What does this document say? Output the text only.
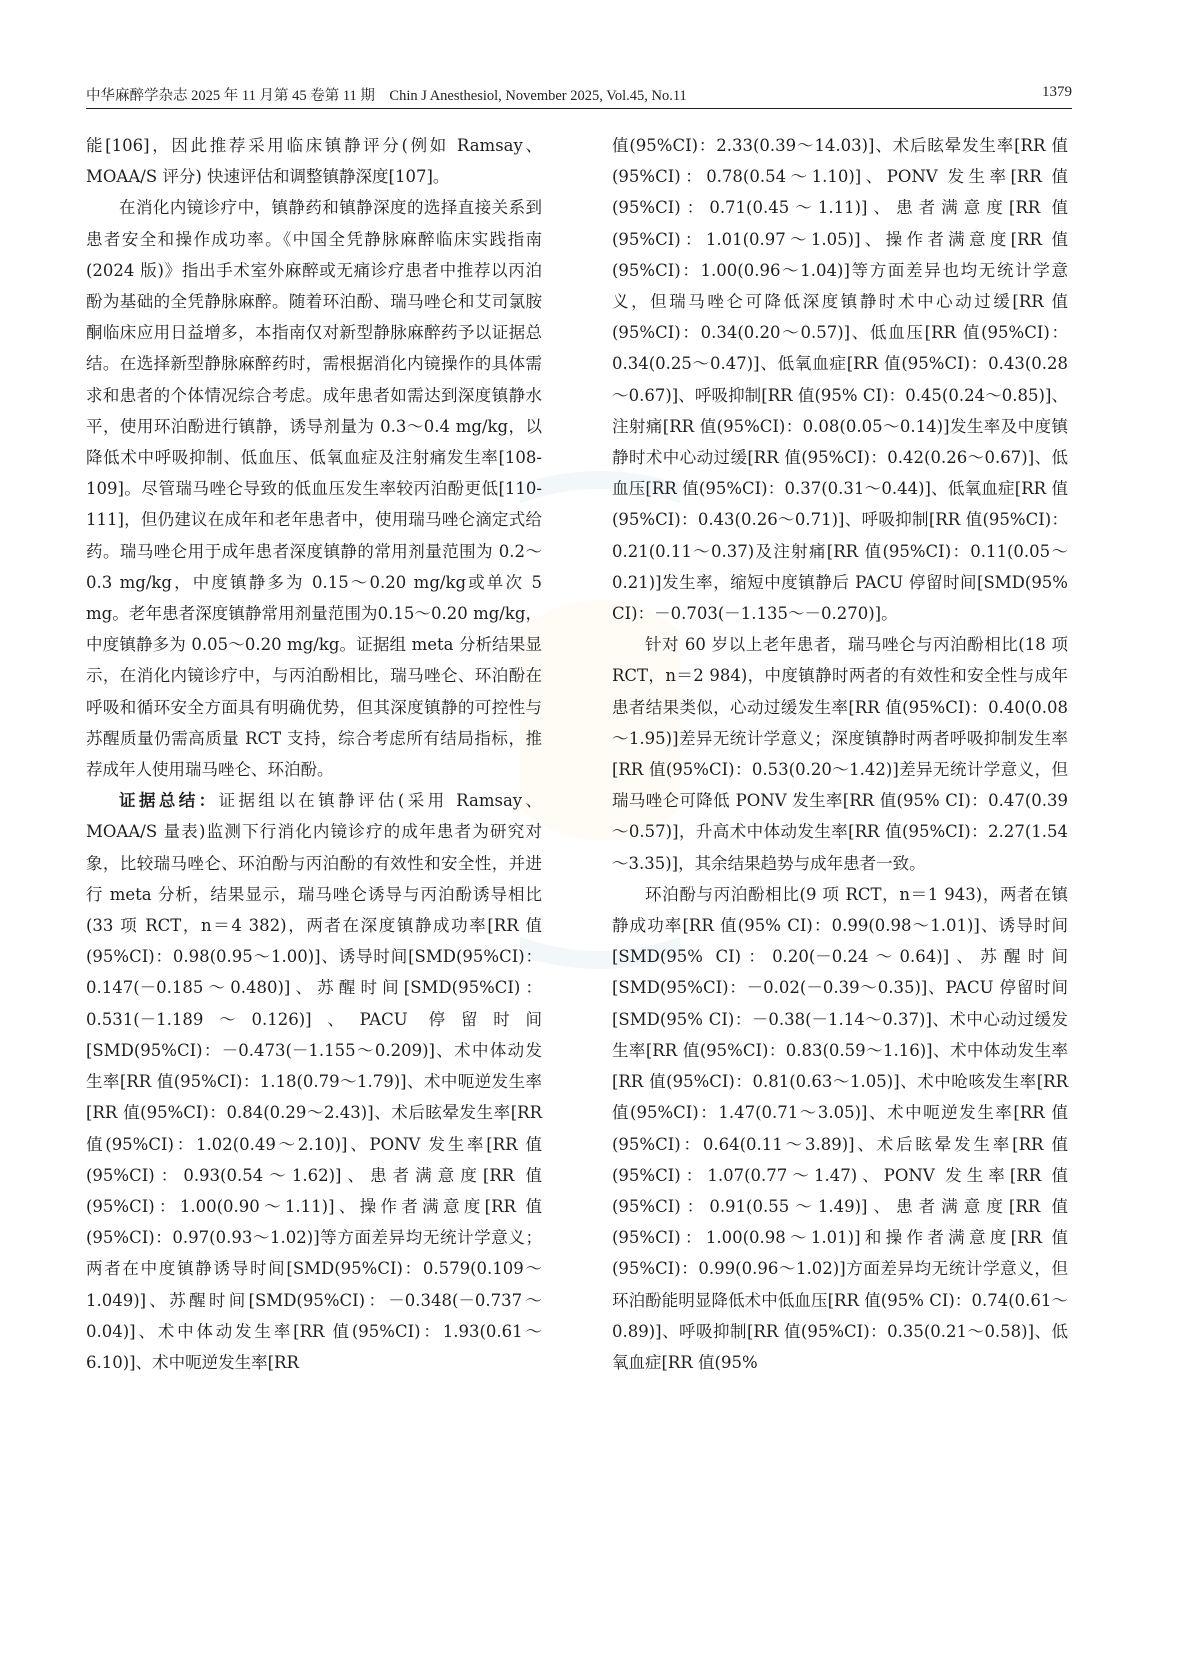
中华麻醉学杂志 2025 年 11 月第 45 卷第 11 期　Chin J Anesthesiol, November 2025, Vol.45, No.11	1379

能[106]，因此推荐采用临床镇静评分(例如 Ramsay、MOAA/S 评分) 快速评估和调整镇静深度[107]。

在消化内镜诊疗中，镇静药和镇静深度的选择直接关系到患者安全和操作成功率。《中国全凭静脉麻醉临床实践指南(2024 版)》指出手术室外麻醉或无痛诊疗患者中推荐以丙泊酚为基础的全凭静脉麻醉。随着环泊酚、瑞马唑仑和艾司氯胺酮临床应用日益增多，本指南仅对新型静脉麻醉药予以证据总结。在选择新型静脉麻醉药时，需根据消化内镜操作的具体需求和患者的个体情况综合考虑。成年患者如需达到深度镇静水平，使用环泊酚进行镇静，诱导剂量为 0.3～0.4 mg/kg，以降低术中呼吸抑制、低血压、低氧血症及注射痛发生率[108-109]。尽管瑞马唑仑导致的低血压发生率较丙泊酚更低[110-111]，但仍建议在成年和老年患者中，使用瑞马唑仑滴定式给药。瑞马唑仑用于成年患者深度镇静的常用剂量范围为 0.2～0.3 mg/kg，中度镇静多为 0.15～0.20 mg/kg或单次 5 mg。老年患者深度镇静常用剂量范围为0.15～0.20 mg/kg，中度镇静多为 0.05～0.20 mg/kg。证据组 meta 分析结果显示，在消化内镜诊疗中，与丙泊酚相比，瑞马唑仑、环泊酚在呼吸和循环安全方面具有明确优势，但其深度镇静的可控性与苏醒质量仍需高质量 RCT 支持，综合考虑所有结局指标，推荐成年人使用瑞马唑仑、环泊酚。

证据总结：证据组以在镇静评估(采用 Ramsay、MOAA/S 量表)监测下行消化内镜诊疗的成年患者为研究对象，比较瑞马唑仑、环泊酚与丙泊酚的有效性和安全性，并进行 meta 分析，结果显示，瑞马唑仑诱导与丙泊酚诱导相比(33 项 RCT，n＝4 382)，两者在深度镇静成功率[RR 值(95%CI)：0.98(0.95～1.00)]、诱导时间[SMD(95%CI)：0.147(－0.185～0.480)]、苏醒时间[SMD(95%CI)：0.531(－1.189～0.126)]、PACU 停留时间[SMD(95%CI)：－0.473(－1.155～0.209)]、术中体动发生率[RR 值(95%CI)：1.18(0.79～1.79)]、术中呃逆发生率[RR 值(95%CI)：0.84(0.29～2.43)]、术后眩晕发生率[RR 值(95%CI)：1.02(0.49～2.10)]、PONV 发生率[RR 值(95%CI)：0.93(0.54～1.62)]、患者满意度[RR 值(95%CI)：1.00(0.90～1.11)]、操作者满意度[RR 值(95%CI)：0.97(0.93～1.02)]等方面差异均无统计学意义；两者在中度镇静诱导时间[SMD(95%CI)：0.579(0.109～1.049)]、苏醒时间[SMD(95%CI)：－0.348(－0.737～0.04)]、术中体动发生率[RR 值(95%CI)：1.93(0.61～6.10)]、术中呃逆发生率[RR

值(95%CI)：2.33(0.39～14.03)]、术后眩晕发生率[RR 值(95%CI)：0.78(0.54～1.10)]、PONV 发生率[RR 值(95%CI)：0.71(0.45～1.11)]、患者满意度[RR 值(95%CI)：1.01(0.97～1.05)]、操作者满意度[RR 值(95%CI)：1.00(0.96～1.04)]等方面差异也均无统计学意义，但瑞马唑仑可降低深度镇静时术中心动过缓[RR 值(95%CI)：0.34(0.20～0.57)]、低血压[RR 值(95%CI)：0.34(0.25～0.47)]、低氧血症[RR 值(95%CI)：0.43(0.28～0.67)]、呼吸抑制[RR 值(95% CI)：0.45(0.24～0.85)]、注射痛[RR 值(95%CI)：0.08(0.05～0.14)]发生率及中度镇静时术中心动过缓[RR 值(95%CI)：0.42(0.26～0.67)]、低血压[RR 值(95%CI)：0.37(0.31～0.44)]、低氧血症[RR 值(95%CI)：0.43(0.26～0.71)]、呼吸抑制[RR 值(95%CI)：0.21(0.11～0.37)及注射痛[RR 值(95%CI)：0.11(0.05～0.21)]发生率，缩短中度镇静后 PACU 停留时间[SMD(95% CI)：－0.703(－1.135～－0.270)]。

针对 60 岁以上老年患者，瑞马唑仑与丙泊酚相比(18 项 RCT，n＝2 984)，中度镇静时两者的有效性和安全性与成年患者结果类似，心动过缓发生率[RR 值(95%CI)：0.40(0.08～1.95)]差异无统计学意义；深度镇静时两者呼吸抑制发生率[RR 值(95%CI)：0.53(0.20～1.42)]差异无统计学意义，但瑞马唑仑可降低 PONV 发生率[RR 值(95% CI)：0.47(0.39～0.57)]，升高术中体动发生率[RR 值(95%CI)：2.27(1.54～3.35)]，其余结果趋势与成年患者一致。

环泊酚与丙泊酚相比(9 项 RCT，n＝1 943)，两者在镇静成功率[RR 值(95% CI)：0.99(0.98～1.01)]、诱导时间[SMD(95% CI)：0.20(－0.24～0.64)]、苏醒时间[SMD(95%CI)：－0.02(－0.39～0.35)]、PACU 停留时间[SMD(95% CI)：－0.38(－1.14～0.37)]、术中心动过缓发生率[RR 值(95%CI)：0.83(0.59～1.16)]、术中体动发生率[RR 值(95%CI)：0.81(0.63～1.05)]、术中呛咳发生率[RR 值(95%CI)：1.47(0.71～3.05)]、术中呃逆发生率[RR 值(95%CI)：0.64(0.11～3.89)]、术后眩晕发生率[RR 值(95%CI)：1.07(0.77～1.47)、PONV 发生率[RR 值(95%CI)：0.91(0.55～1.49)]、患者满意度[RR 值(95%CI)：1.00(0.98～1.01)]和操作者满意度[RR 值(95%CI)：0.99(0.96～1.02)]方面差异均无统计学意义，但环泊酚能明显降低术中低血压[RR 值(95% CI)：0.74(0.61～0.89)]、呼吸抑制[RR 值(95%CI)：0.35(0.21～0.58)]、低氧血症[RR 值(95%
